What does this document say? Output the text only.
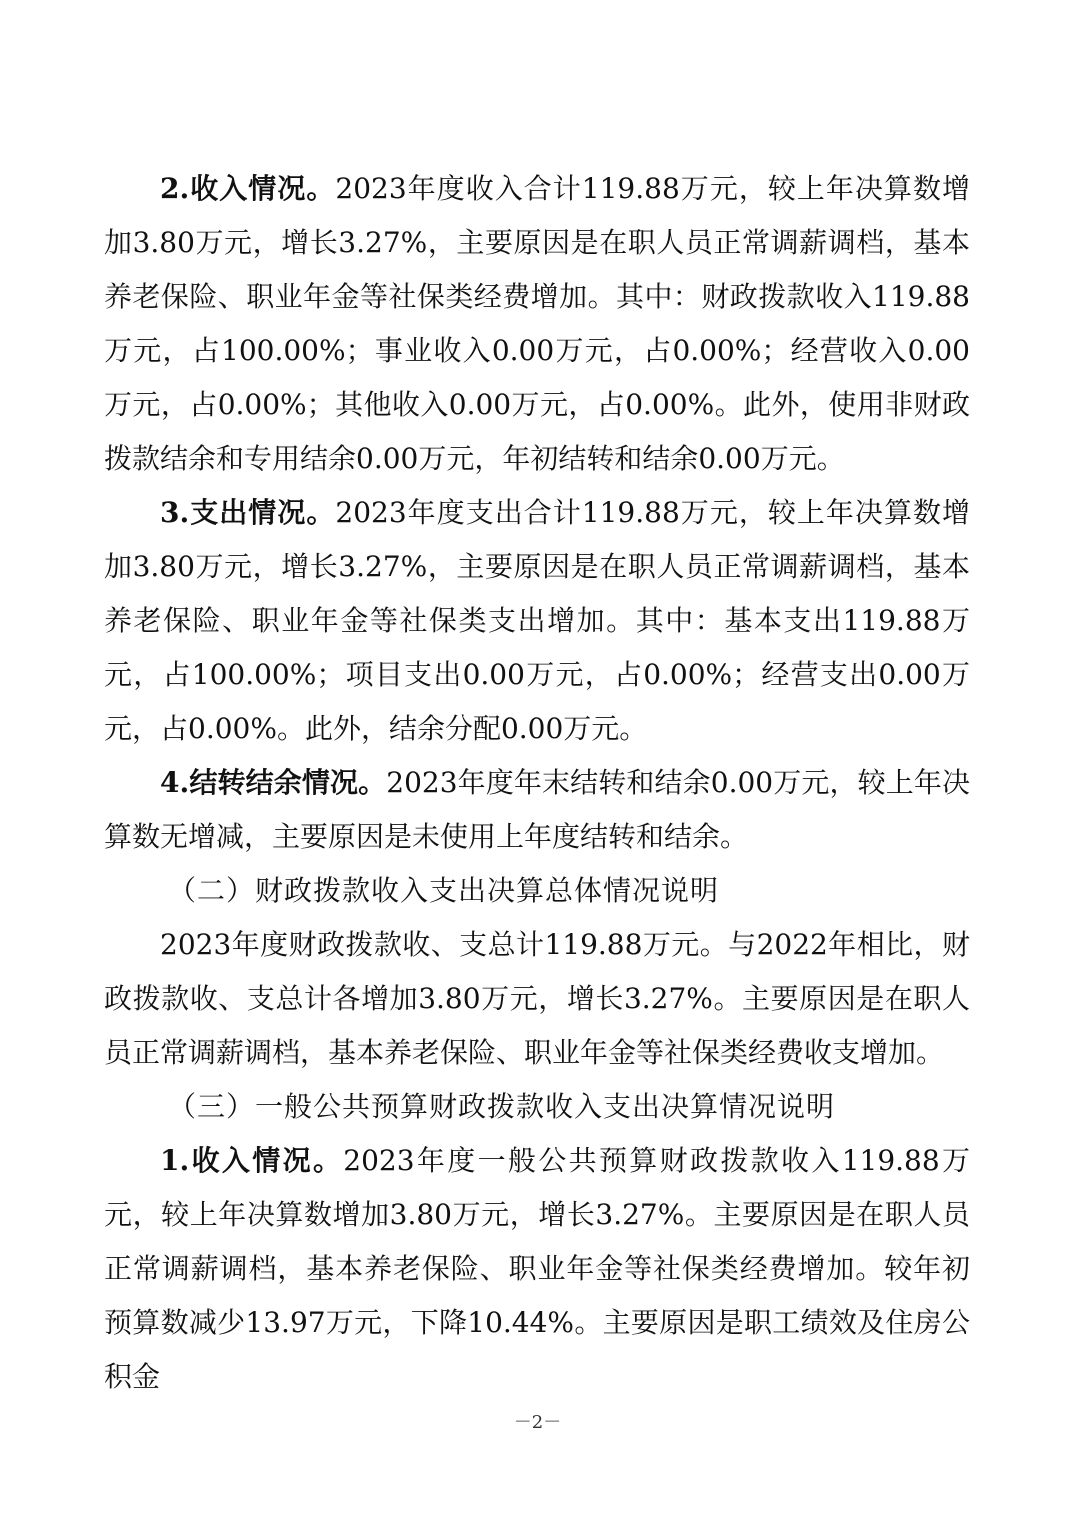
2.收入情况。2023年度收入合计119.88万元，较上年决算数增加3.80万元，增长3.27%，主要原因是在职人员正常调薪调档，基本养老保险、职业年金等社保类经费增加。其中：财政拨款收入119.88万元，占100.00%；事业收入0.00万元，占0.00%；经营收入0.00万元，占0.00%；其他收入0.00万元，占0.00%。此外，使用非财政拨款结余和专用结余0.00万元，年初结转和结余0.00万元。

3.支出情况。2023年度支出合计119.88万元，较上年决算数增加3.80万元，增长3.27%，主要原因是在职人员正常调薪调档，基本养老保险、职业年金等社保类支出增加。其中：基本支出119.88万元，占100.00%；项目支出0.00万元，占0.00%；经营支出0.00万元，占0.00%。此外，结余分配0.00万元。

4.结转结余情况。2023年度年末结转和结余0.00万元，较上年决算数无增减，主要原因是未使用上年度结转和结余。

（二）财政拨款收入支出决算总体情况说明

2023年度财政拨款收、支总计119.88万元。与2022年相比，财政拨款收、支总计各增加3.80万元，增长3.27%。主要原因是在职人员正常调薪调档，基本养老保险、职业年金等社保类经费收支增加。

（三）一般公共预算财政拨款收入支出决算情况说明

1.收入情况。2023年度一般公共预算财政拨款收入119.88万元，较上年决算数增加3.80万元，增长3.27%。主要原因是在职人员正常调薪调档，基本养老保险、职业年金等社保类经费增加。较年初预算数减少13.97万元，下降10.44%。主要原因是职工绩效及住房公积金

－2－
